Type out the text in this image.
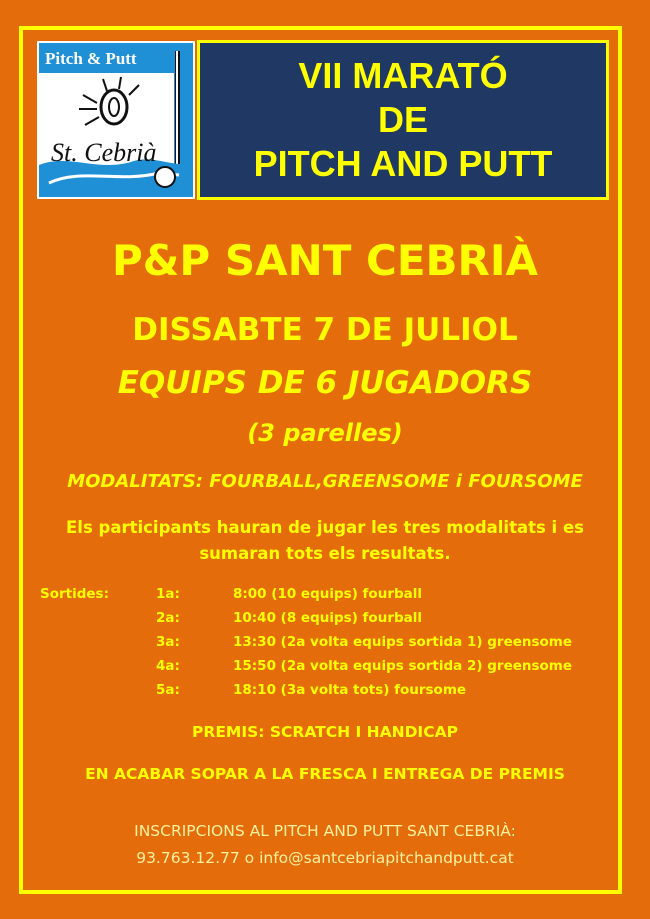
Pitch & Putt
St. Cebrià
VII MARATÓ
DE
PITCH AND PUTT
P&P SANT CEBRIÀ
DISSABTE 7 DE JULIOL
EQUIPS DE 6 JUGADORS
(3 parelles)
MODALITATS: FOURBALL,GREENSOME i FOURSOME
Els participants hauran de jugar les tres modalitats i es
sumaran tots els resultats.
Sortides:	1a:	8:00 (10 equips) fourball
2a:	10:40 (8 equips) fourball
3a:	13:30 (2a volta equips sortida 1) greensome
4a:	15:50 (2a volta equips sortida 2) greensome
5a:	18:10 (3a volta tots) foursome
PREMIS: SCRATCH I HANDICAP
EN ACABAR SOPAR A LA FRESCA I ENTREGA DE PREMIS
INSCRIPCIONS AL PITCH AND PUTT SANT CEBRIÀ:
93.763.12.77 o info@santcebriapitchandputt.cat
